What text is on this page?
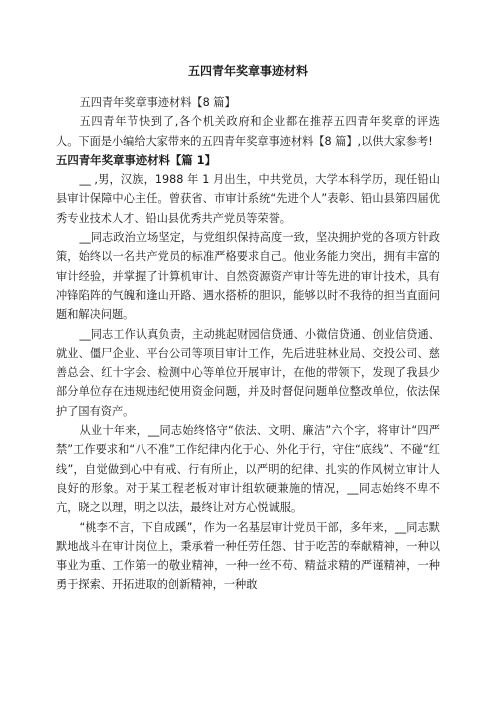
五四青年奖章事迹材料

五四青年奖章事迹材料【8 篇】

五四青年节快到了,各个机关政府和企业都在推荐五四青年奖章的评选人。下面是小编给大家带来的五四青年奖章事迹材料【8 篇】,以供大家参考!

五四青年奖章事迹材料【篇 1】

__ ,男，汉族，1988 年 1 月出生，中共党员，大学本科学历，现任铅山县审计保障中心主任。曾获省、市审计系统“先进个人”表彰、铅山县第四届优秀专业技术人才、铅山县优秀共产党员等荣誉。

__同志政治立场坚定，与党组织保持高度一致，坚决拥护党的各项方针政策，始终以一名共产党员的标准严格要求自己。他业务能力突出，拥有丰富的审计经验，并掌握了计算机审计、自然资源资产审计等先进的审计技术，具有冲锋陷阵的气魄和逢山开路、遇水搭桥的胆识，能够以时不我待的担当直面问题和解决问题。

__同志工作认真负责，主动挑起财园信贷通、小微信贷通、创业信贷通、就业、僵尸企业、平台公司等项目审计工作，先后进驻林业局、交投公司、慈善总会、红十字会、检测中心等单位开展审计，在他的带领下，发现了我县少部分单位存在违规违纪使用资金问题，并及时督促问题单位整改单位，依法保护了国有资产。

从业十年来，__同志始终恪守“依法、文明、廉洁”六个字，将审计“四严禁”工作要求和“八不准”工作纪律内化于心、外化于行，守住“底线”、不碰“红线”，自觉做到心中有戒、行有所止，以严明的纪律、扎实的作风树立审计人良好的形象。对于某工程老板对审计组软硬兼施的情况，__同志始终不卑不亢，晓之以理，明之以法，最终让对方心悦诚服。

“桃李不言，下自成蹊”，作为一名基层审计党员干部，多年来，__同志默默地战斗在审计岗位上，秉承着一种任劳任怨、甘于吃苦的奉献精神，一种以事业为重、工作第一的敬业精神，一种一丝不苟、精益求精的严谨精神，一种勇于探索、开拓进取的创新精神，一种敢
